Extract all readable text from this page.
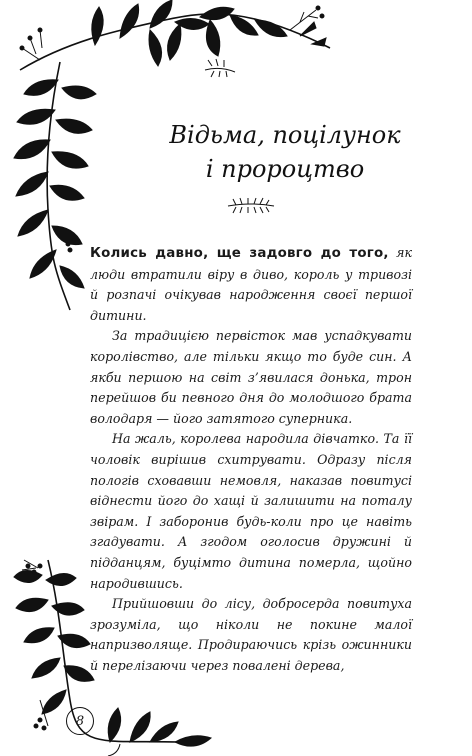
Відьма, поцілунок
і пророцтво

Колись давно, ще задовго до того, як люди втратили віру в диво, король у тривозі й розпачі очікував народження своєї першої дитини.

За традицією первісток мав успадкувати королівство, але тільки якщо то буде син. А якби першою на світ з’явилася донька, трон перейшов би певного дня до молодшого брата володаря — його затятого суперника.

На жаль, королева народила дівчатко. Та її чоловік вирішив схитрувати. Одразу після пологів сховавши немовля, наказав повитусі віднести його до хащі й залишити на поталу звірам. І заборонив будь-коли про це навіть згадувати. А згодом оголосив дружині й підданцям, буцімто дитина померла, щойно народившись.

Прийшовши до лісу, добросерда повитуха зрозуміла, що ніколи не покине малої напризволяще. Продираючись крізь ожинники й перелізаючи через повалені дерева,

8
